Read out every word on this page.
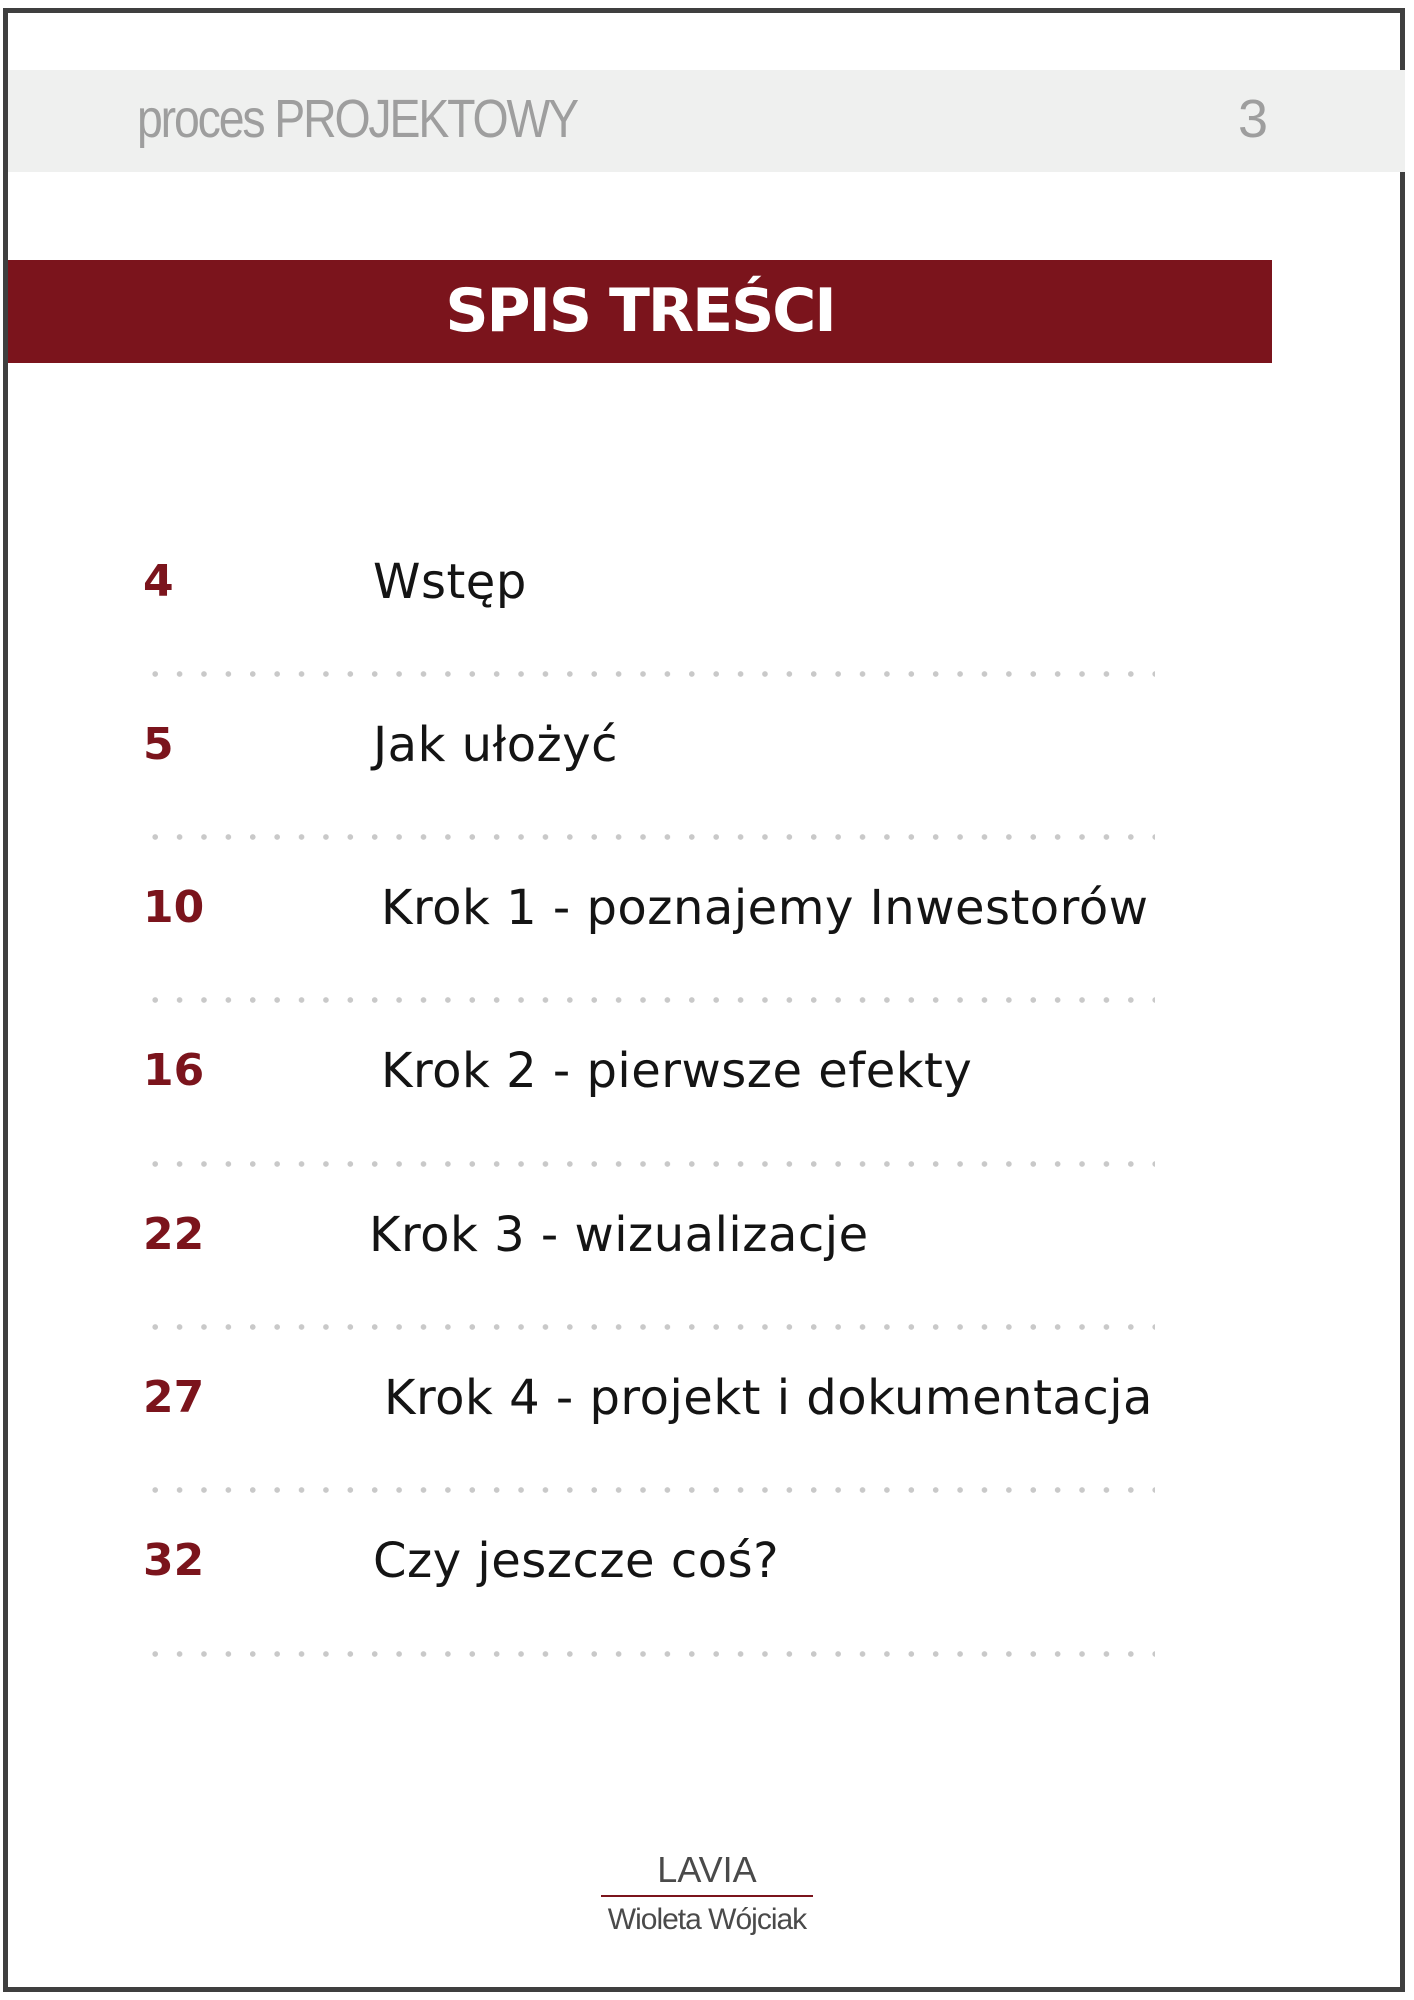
proces PROJEKTOWY	3
SPIS TREŚCI
4	Wstęp
5	Jak ułożyć
10	Krok 1 - poznajemy Inwestorów
16	Krok 2 - pierwsze efekty
22	Krok 3 - wizualizacje
27	Krok 4 - projekt i dokumentacja
32	Czy jeszcze coś?
LAVIA
Wioleta Wójciak
